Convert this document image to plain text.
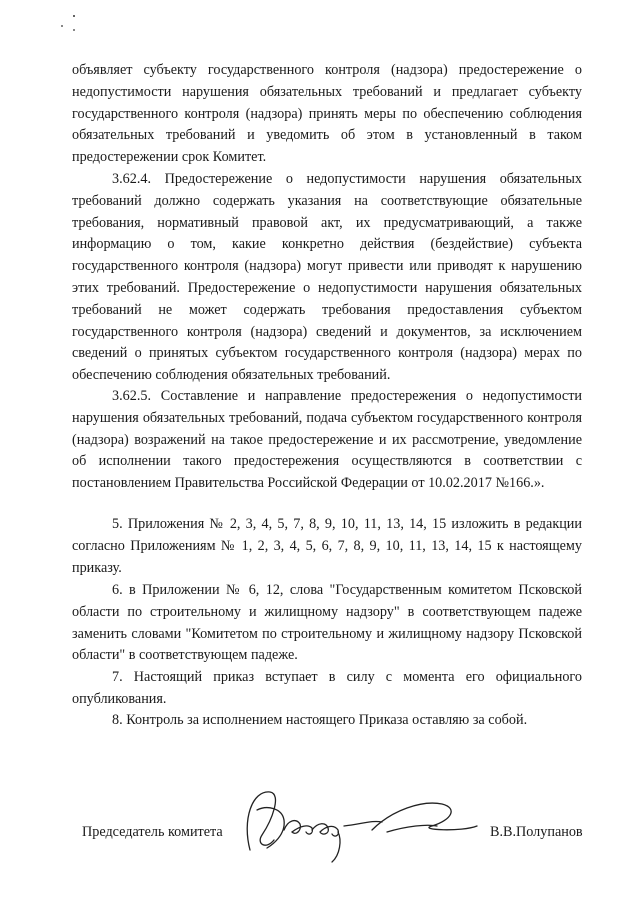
объявляет субъекту государственного контроля (надзора) предостережение о недопустимости нарушения обязательных требований и предлагает субъекту государственного контроля (надзора) принять меры по обеспечению соблюдения обязательных требований и уведомить об этом в установленный в таком предостережении срок Комитет.

3.62.4. Предостережение о недопустимости нарушения обязательных требований должно содержать указания на соответствующие обязательные требования, нормативный правовой акт, их предусматривающий, а также информацию о том, какие конкретно действия (бездействие) субъекта государственного контроля (надзора) могут привести или приводят к нарушению этих требований. Предостережение о недопустимости нарушения обязательных требований не может содержать требования предоставления субъектом государственного контроля (надзора) сведений и документов, за исключением сведений о принятых субъектом государственного контроля (надзора) мерах по обеспечению соблюдения обязательных требований.

3.62.5. Составление и направление предостережения о недопустимости нарушения обязательных требований, подача субъектом государственного контроля (надзора) возражений на такое предостережение и их рассмотрение, уведомление об исполнении такого предостережения осуществляются в соответствии с постановлением Правительства Российской Федерации от 10.02.2017 №166.».

5. Приложения № 2, 3, 4, 5, 7, 8, 9, 10, 11, 13, 14, 15 изложить в редакции согласно Приложениям № 1, 2, 3, 4, 5, 6, 7, 8, 9, 10, 11, 13, 14, 15 к настоящему приказу.

6. в Приложении № 6, 12, слова "Государственным комитетом Псковской области по строительному и жилищному надзору" в соответствующем падеже заменить словами "Комитетом по строительному и жилищному надзору Псковской области" в соответствующем падеже.

7. Настоящий приказ вступает в силу с момента его официального опубликования.

8. Контроль за исполнением настоящего Приказа оставляю за собой.

Председатель комитета	В.В.Полупанов
